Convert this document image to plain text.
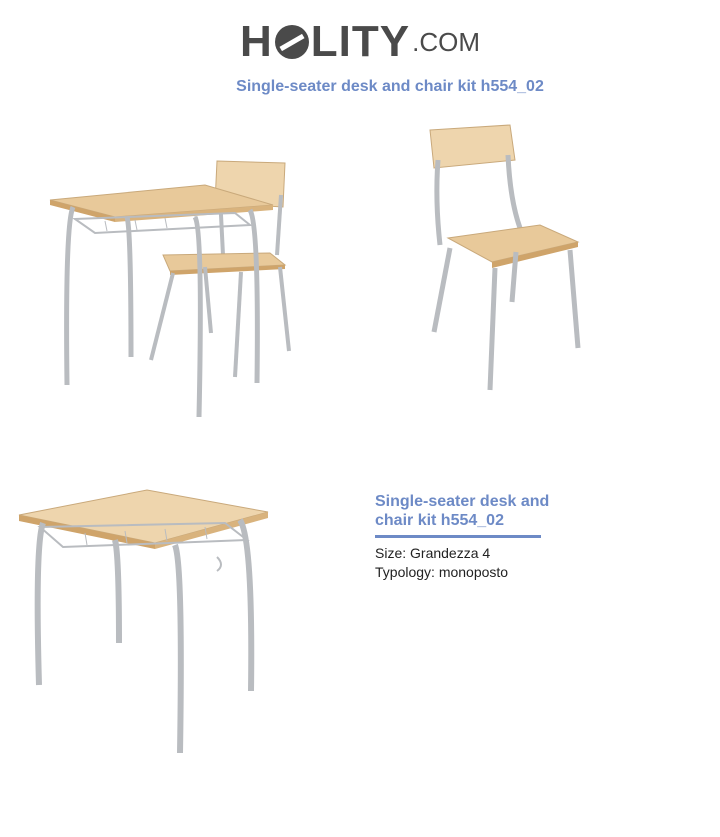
H LITY .COM
Single-seater desk and chair kit h554_02

Single-seater desk and
chair kit h554_02

Size: Grandezza 4
Typology: monoposto
